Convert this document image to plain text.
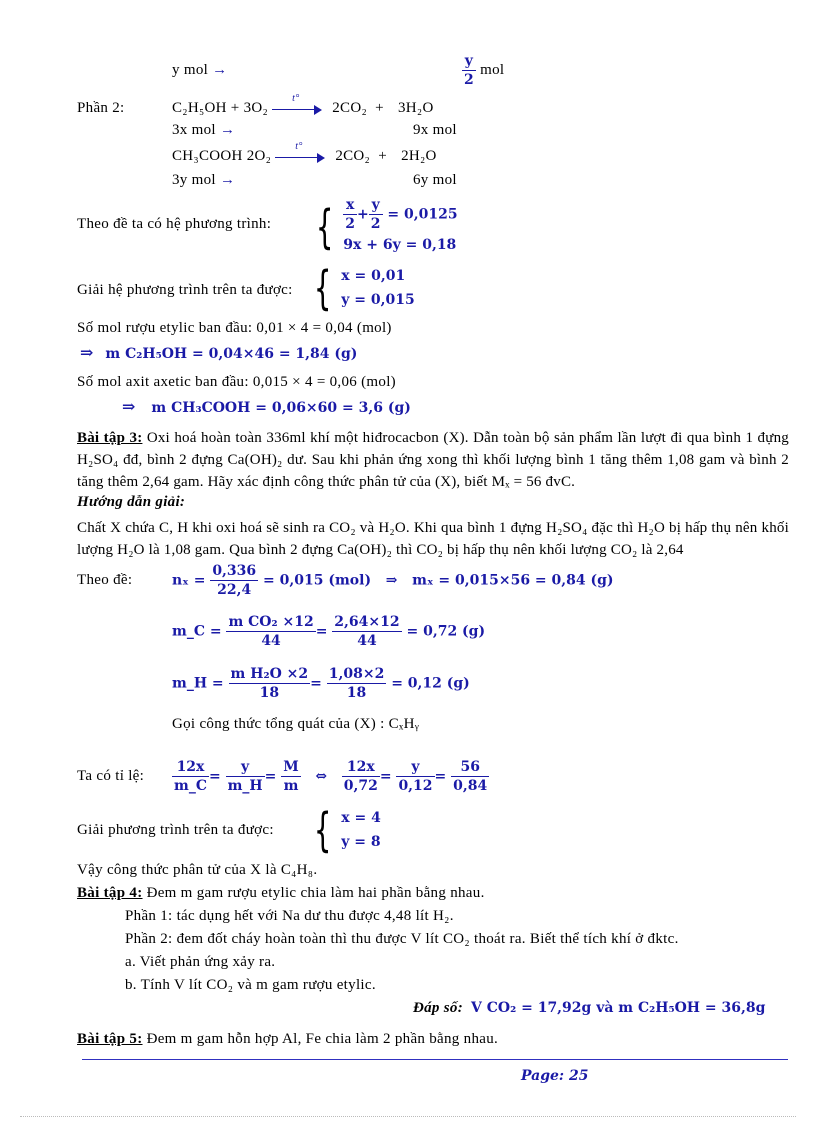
y mol →	$\frac{y}{2}$ mol
Phần 2:	C₂H₅OH + 3O₂
t°
2CO₂ + 3H₂O
3x mol →	9x mol
CH₃COOH 2O₂
t°
2CO₂ + 2H₂O
3y mol →	6y mol
Theo đề ta có hệ phương trình: { $\frac{x}{2} + \frac{y}{2} = 0,0125$
9x + 6y = 0,18
Giải hệ phương trình trên ta được: { x = 0,01
y = 0,015
Số mol rượu etylic ban đầu: 0,01 × 4 = 0,04 (mol)
⇒ m C₂H₅OH = 0,04×46 = 1,84 (g)
Số mol axit axetic ban đầu: 0,015 × 4 = 0,06 (mol)
⇒ m CH₃COOH = 0,06×60 = 3,6 (g)
Bài tập 3: Oxi hoá hoàn toàn 336ml khí một hiđrocacbon (X). Dẫn toàn bộ sản phẩm lần lượt đi qua bình 1 đựng H₂SO₄ đđ, bình 2 đựng Ca(OH)₂ dư. Sau khi phản ứng xong thì khối lượng bình 1 tăng thêm 1,08 gam và bình 2 tăng thêm 2,64 gam. Hãy xác định công thức phân tử của (X), biết Mₓ = 56 đvC.
Hướng dẫn giải:
Chất X chứa C, H khi oxi hoá sẽ sinh ra CO₂ và H₂O. Khi qua bình 1 đựng H₂SO₄ đặc thì H₂O bị hấp thụ nên khối lượng H₂O là 1,08 gam. Qua bình 2 đựng Ca(OH)₂ thì CO₂ bị hấp thụ nên khối lượng CO₂ là 2,64
Theo đề:	$n_x = \frac{0,336}{22,4} = 0,015$ (mol) ⇒ mₓ = 0,015×56 = 0,84 (g)
m_C = $\frac{\text{m CO₂ ×12}}{44} = \frac{2,64\times 12}{44} = 0,72$ (g)
m_H = $\frac{\text{m H₂O ×2}}{18} = \frac{1,08\times 2}{18} = 0,12$ (g)
Gọi công thức tổng quát của (X) : CₓHᵧ
Ta có tỉ lệ: $\frac{12x}{m\_C} = \frac{y}{m\_H} = \frac{M}{m}$ ⇔ $\frac{12x}{0,72} = \frac{y}{0,12} = \frac{56}{0,84}$
Giải phương trình trên ta được: { x = 4
y = 8
Vậy công thức phân tử của X là C₄H₈.
Bài tập 4: Đem m gam rượu etylic chia làm hai phần bằng nhau.
Phần 1: tác dụng hết với Na dư thu được 4,48 lít H₂.
Phần 2: đem đốt cháy hoàn toàn thì thu được V lít CO₂ thoát ra. Biết thể tích khí ở đktc.
a. Viết phản ứng xảy ra.
b. Tính V lít CO₂ và m gam rượu etylic.
Đáp số: V CO₂ = 17,92g và m C₂H₅OH = 36,8g
Bài tập 5: Đem m gam hỗn hợp Al, Fe chia làm 2 phần bằng nhau.
Page: 25
